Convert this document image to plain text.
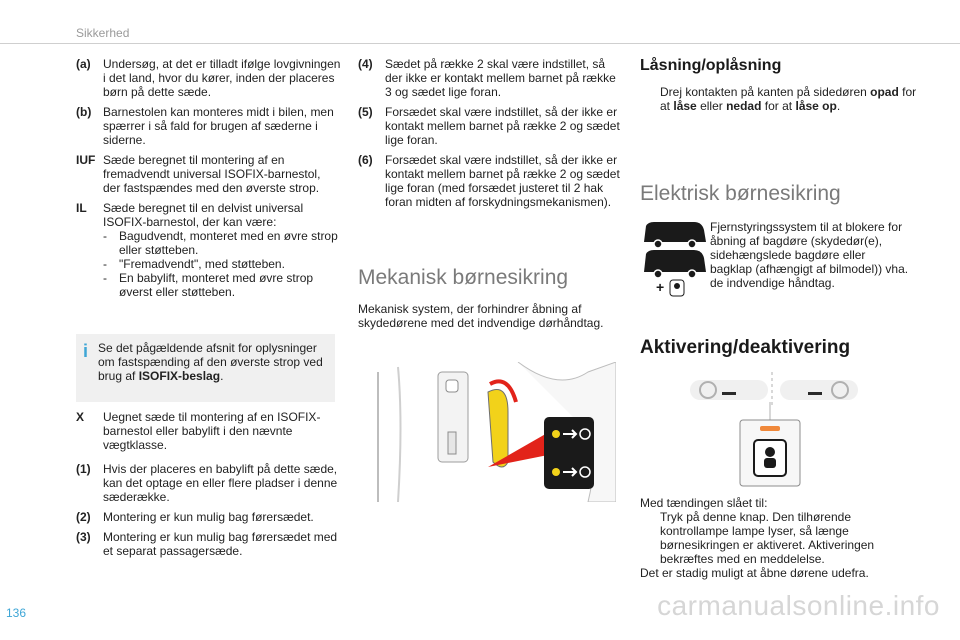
Sikkerhed
(a)	Undersøg, at det er tilladt ifølge lovgivningen i det land, hvor du kører, inden der placeres børn på dette sæde.
(b) Barnestolen kan monteres midt i bilen, men spærrer i så fald for brugen af sæderne i siderne.
IUF Sæde beregnet til montering af en fremadvendt universal ISOFIX-barnestol, der fastspændes med den øverste strop.
IL	Sæde beregnet til en delvist universal ISOFIX-barnestol, der kan være:
-	Bagudvendt, monteret med en øvre strop eller støtteben.
-	"Fremadvendt", med støtteben.
-	En babylift, monteret med øvre strop øverst eller støtteben.
i Se det pågældende afsnit for oplysninger om fastspænding af den øverste strop ved brug af ISOFIX-beslag.
X	Uegnet sæde til montering af en ISOFIX-barnestol eller babylift i den nævnte vægtklasse.
(1)	Hvis der placeres en babylift på dette sæde, kan det optage en eller flere pladser i denne sæderække.
(2)	Montering er kun mulig bag førersædet.
(3)	Montering er kun mulig bag førersædet med et separat passagersæde.
(4)	Sædet på række 2 skal være indstillet, så der ikke er kontakt mellem barnet på række 3 og sædet lige foran.
(5)	Forsædet skal være indstillet, så der ikke er kontakt mellem barnet på række 2 og sædet lige foran.
(6)	Forsædet skal være indstillet, så der ikke er kontakt mellem barnet på række 2 og sædet lige foran (med forsædet justeret til 2 hak foran midten af forskydningsmekanismen).
Mekanisk børnesikring
Mekanisk system, der forhindrer åbning af skydedørene med det indvendige dørhåndtag.
Låsning/oplåsning
Drej kontakten på kanten på sidedøren opad for at låse eller nedad for at låse op.
Elektrisk børnesikring
+
Fjernstyringssystem til at blokere for åbning af bagdøre (skydedør(e), sidehængslede bagdøre eller bagklap (afhængigt af bilmodel)) vha. de indvendige håndtag.
Aktivering/deaktivering
Med tændingen slået til:
Tryk på denne knap. Den tilhørende kontrollampe lampe lyser, så længe børnesikringen er aktiveret. Aktiveringen bekræftes med en meddelelse.
Det er stadig muligt at åbne dørene udefra.
136	carmanualsonline.info
